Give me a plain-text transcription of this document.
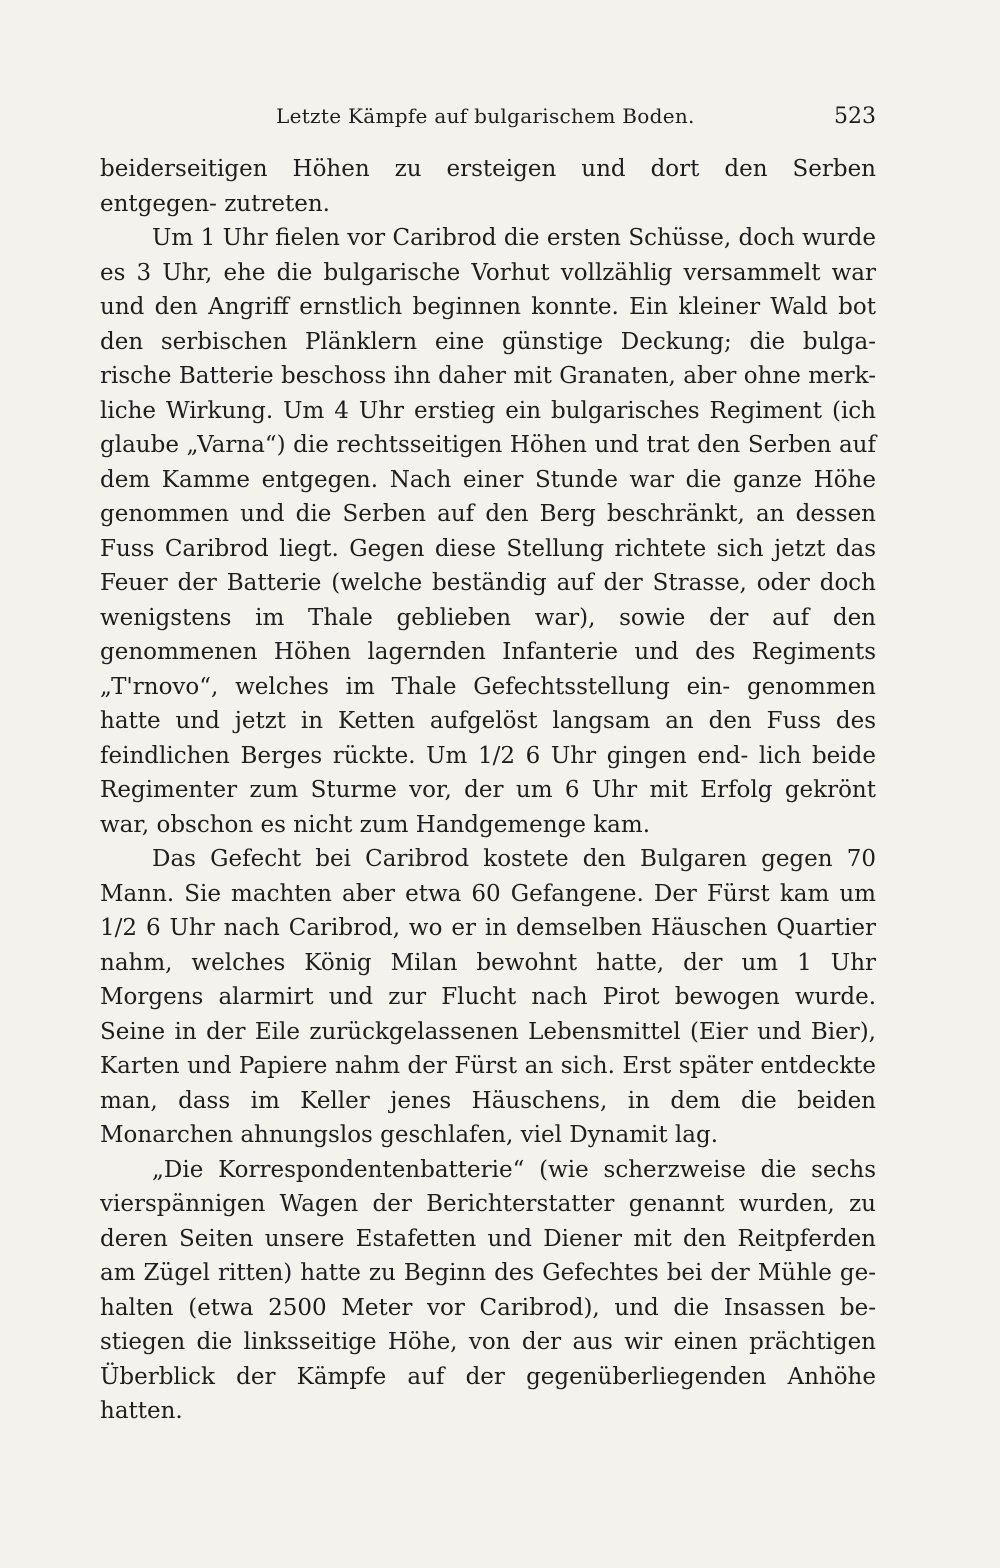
Letzte Kämpfe auf bulgarischem Boden.	523

beiderseitigen Höhen zu ersteigen und dort den Serben entgegen- zutreten.

Um 1 Uhr fielen vor Caribrod die ersten Schüsse, doch wurde es 3 Uhr, ehe die bulgarische Vorhut vollzählig versammelt war und den Angriff ernstlich beginnen konnte. Ein kleiner Wald bot den serbischen Plänklern eine günstige Deckung; die bulga- rische Batterie beschoss ihn daher mit Granaten, aber ohne merk- liche Wirkung. Um 4 Uhr erstieg ein bulgarisches Regiment (ich glaube „Varna“) die rechtsseitigen Höhen und trat den Serben auf dem Kamme entgegen. Nach einer Stunde war die ganze Höhe genommen und die Serben auf den Berg beschränkt, an dessen Fuss Caribrod liegt. Gegen diese Stellung richtete sich jetzt das Feuer der Batterie (welche beständig auf der Strasse, oder doch wenigstens im Thale geblieben war), sowie der auf den genommenen Höhen lagernden Infanterie und des Regiments „T'rnovo“, welches im Thale Gefechtsstellung ein- genommen hatte und jetzt in Ketten aufgelöst langsam an den Fuss des feindlichen Berges rückte. Um 1/2 6 Uhr gingen end- lich beide Regimenter zum Sturme vor, der um 6 Uhr mit Erfolg gekrönt war, obschon es nicht zum Handgemenge kam.

Das Gefecht bei Caribrod kostete den Bulgaren gegen 70 Mann. Sie machten aber etwa 60 Gefangene. Der Fürst kam um 1/2 6 Uhr nach Caribrod, wo er in demselben Häuschen Quartier nahm, welches König Milan bewohnt hatte, der um 1 Uhr Morgens alarmirt und zur Flucht nach Pirot bewogen wurde. Seine in der Eile zurückgelassenen Lebensmittel (Eier und Bier), Karten und Papiere nahm der Fürst an sich. Erst später entdeckte man, dass im Keller jenes Häuschens, in dem die beiden Monarchen ahnungslos geschlafen, viel Dynamit lag.

„Die Korrespondentenbatterie“ (wie scherzweise die sechs vierspännigen Wagen der Berichterstatter genannt wurden, zu deren Seiten unsere Estafetten und Diener mit den Reitpferden am Zügel ritten) hatte zu Beginn des Gefechtes bei der Mühle ge- halten (etwa 2500 Meter vor Caribrod), und die Insassen be- stiegen die linksseitige Höhe, von der aus wir einen prächtigen Überblick der Kämpfe auf der gegenüberliegenden Anhöhe hatten.
